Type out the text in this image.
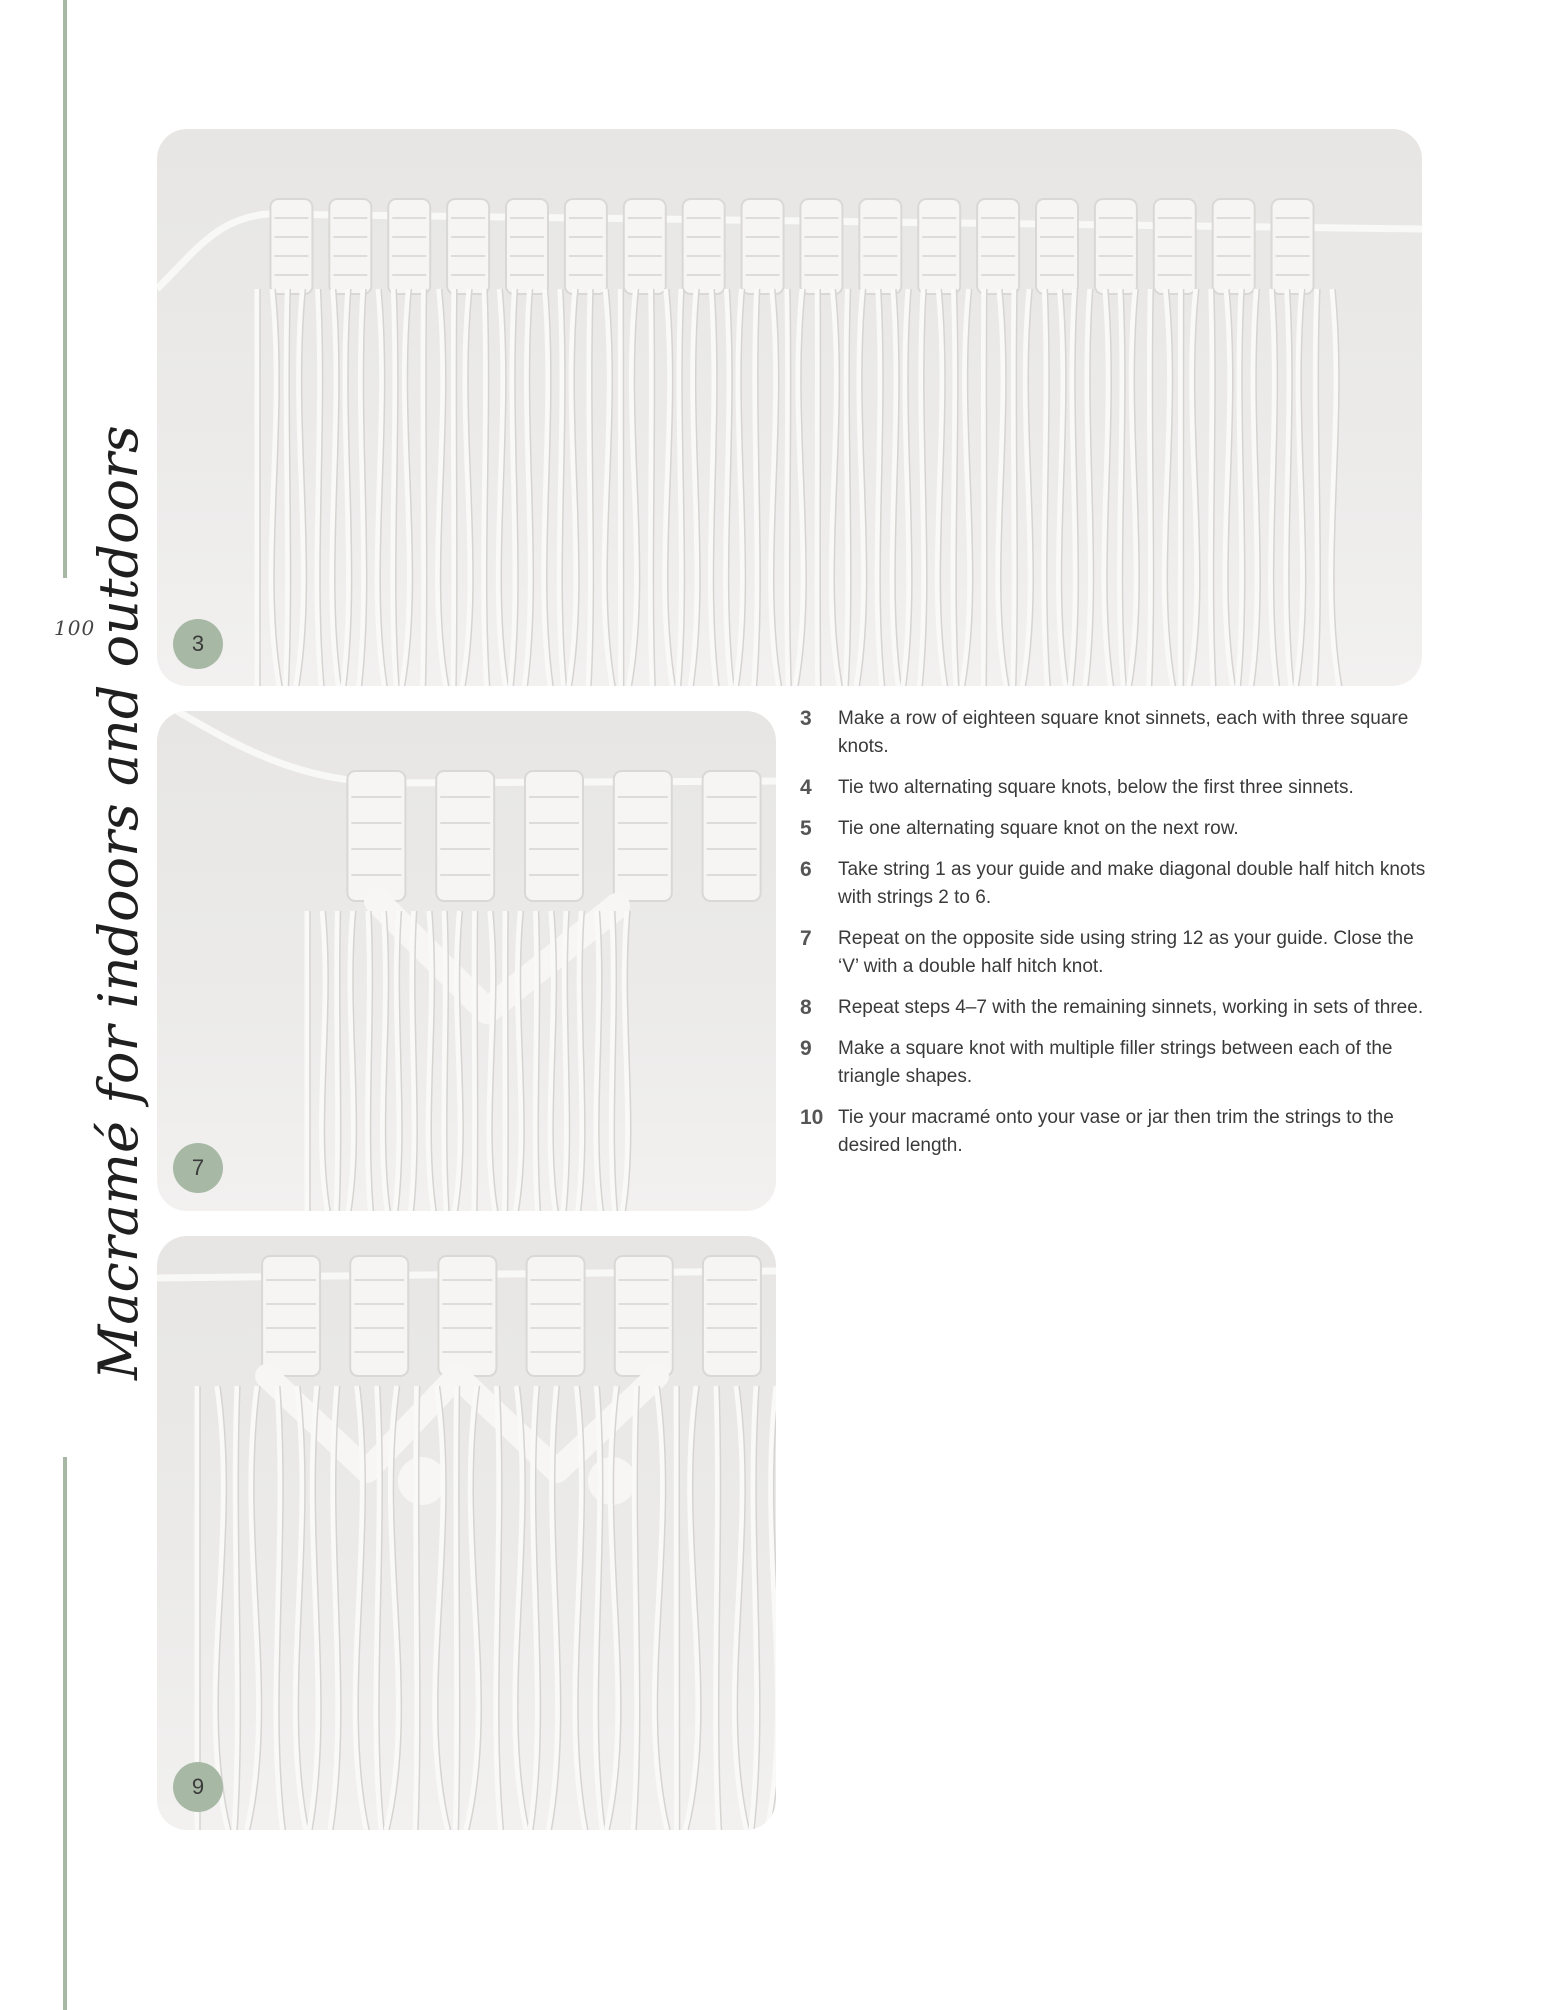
100
Macramé for indoors and outdoors	3
7
9
3	Make a row of eighteen square knot sinnets, each with three square knots.
4	Tie two alternating square knots, below the first three sinnets.
5	Tie one alternating square knot on the next row.
6	Take string 1 as your guide and make diagonal double half hitch knots with strings 2 to 6.
7	Repeat on the opposite side using string 12 as your guide. Close the ‘V’ with a double half hitch knot.
8	Repeat steps 4–7 with the remaining sinnets, working in sets of three.
9	Make a square knot with multiple filler strings between each of the triangle shapes.
10 Tie your macramé onto your vase or jar then trim the strings to the desired length.
